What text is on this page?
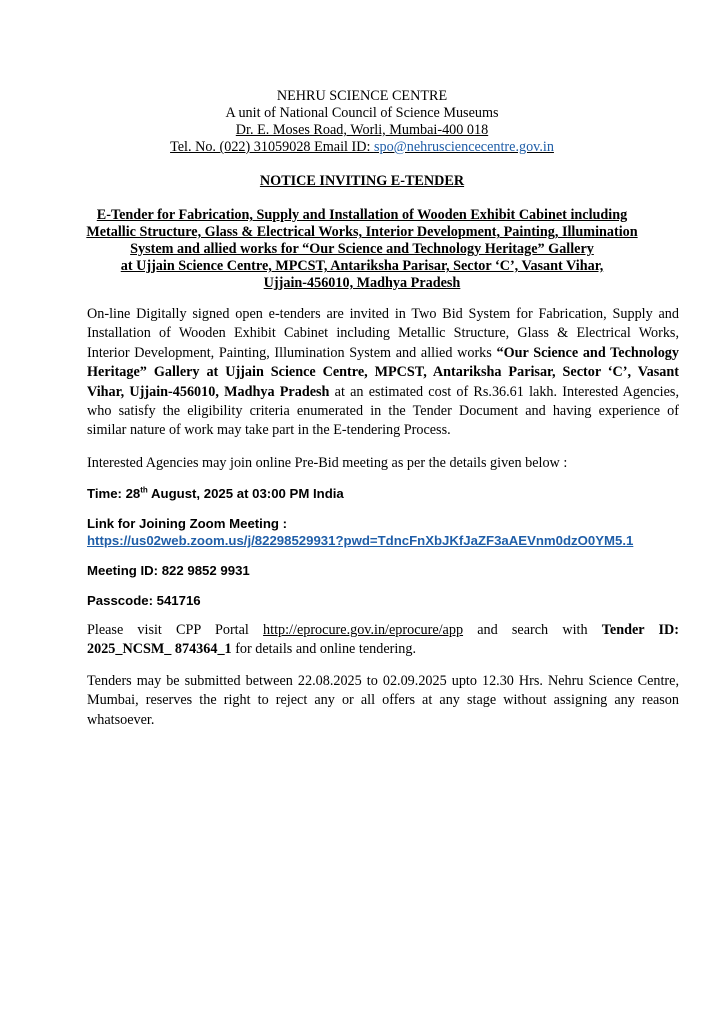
NEHRU SCIENCE CENTRE
A unit of National Council of Science Museums
Dr. E. Moses Road, Worli, Mumbai-400 018
Tel. No. (022) 31059028 Email ID: spo@nehrusciencecentre.gov.in
NOTICE INVITING E-TENDER
E-Tender for Fabrication, Supply and Installation of Wooden Exhibit Cabinet including
Metallic Structure, Glass & Electrical Works, Interior Development, Painting, Illumination
System and allied works for “Our Science and Technology Heritage” Gallery
at Ujjain Science Centre, MPCST, Antariksha Parisar, Sector ‘C’, Vasant Vihar,
Ujjain-456010, Madhya Pradesh
On-line Digitally signed open e-tenders are invited in Two Bid System for Fabrication, Supply and
Installation of Wooden Exhibit Cabinet including Metallic Structure, Glass & Electrical Works,
Interior Development, Painting, Illumination System and allied works “Our Science and Technology
Heritage” Gallery at Ujjain Science Centre, MPCST, Antariksha Parisar, Sector ‘C’, Vasant
Vihar, Ujjain-456010, Madhya Pradesh at an estimated cost of Rs.36.61 lakh. Interested Agencies,
who satisfy the eligibility criteria enumerated in the Tender Document and having experience of
similar nature of work may take part in the E-tendering Process.
Interested Agencies may join online Pre-Bid meeting as per the details given below :
Time: 28th August, 2025 at 03:00 PM India
Link for Joining Zoom Meeting :
https://us02web.zoom.us/j/82298529931?pwd=TdncFnXbJKfJaZF3aAEVnm0dzO0YM5.1
Meeting ID: 822 9852 9931
Passcode: 541716
Please visit CPP Portal http://eprocure.gov.in/eprocure/app and search with Tender ID:
2025_NCSM_ 874364_1 for details and online tendering.
Tenders may be submitted between 22.08.2025 to 02.09.2025 upto 12.30 Hrs. Nehru Science Centre,
Mumbai, reserves the right to reject any or all offers at any stage without assigning any reason
whatsoever.
